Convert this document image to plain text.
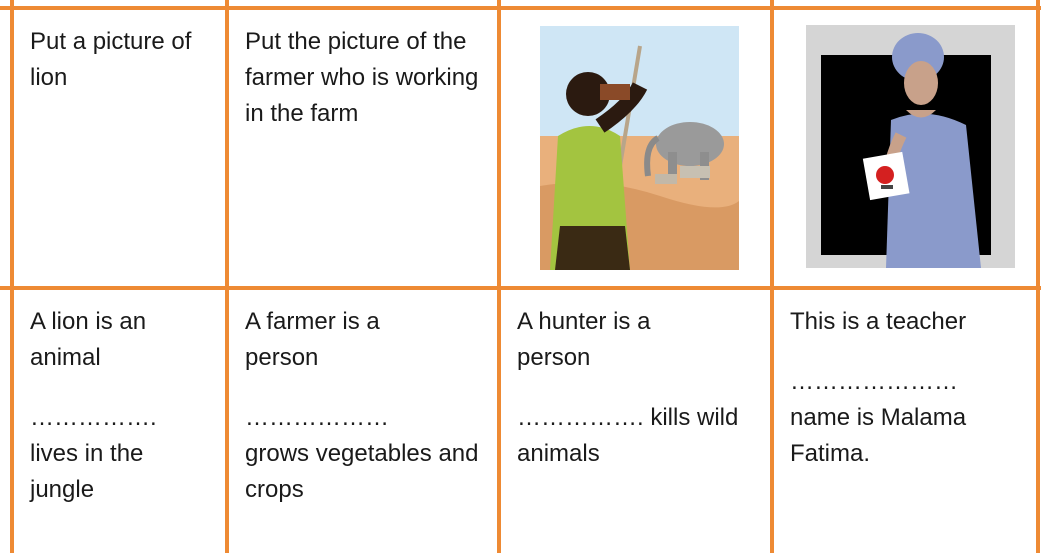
Put a picture of lion

Put the picture of the farmer who is working in the farm

A lion is an animal

…………….

lives in the jungle

A farmer is a person

………………

grows vegetables and crops

A hunter is a person

……………. kills wild animals

This is a teacher

…………………

name is Malama Fatima.
